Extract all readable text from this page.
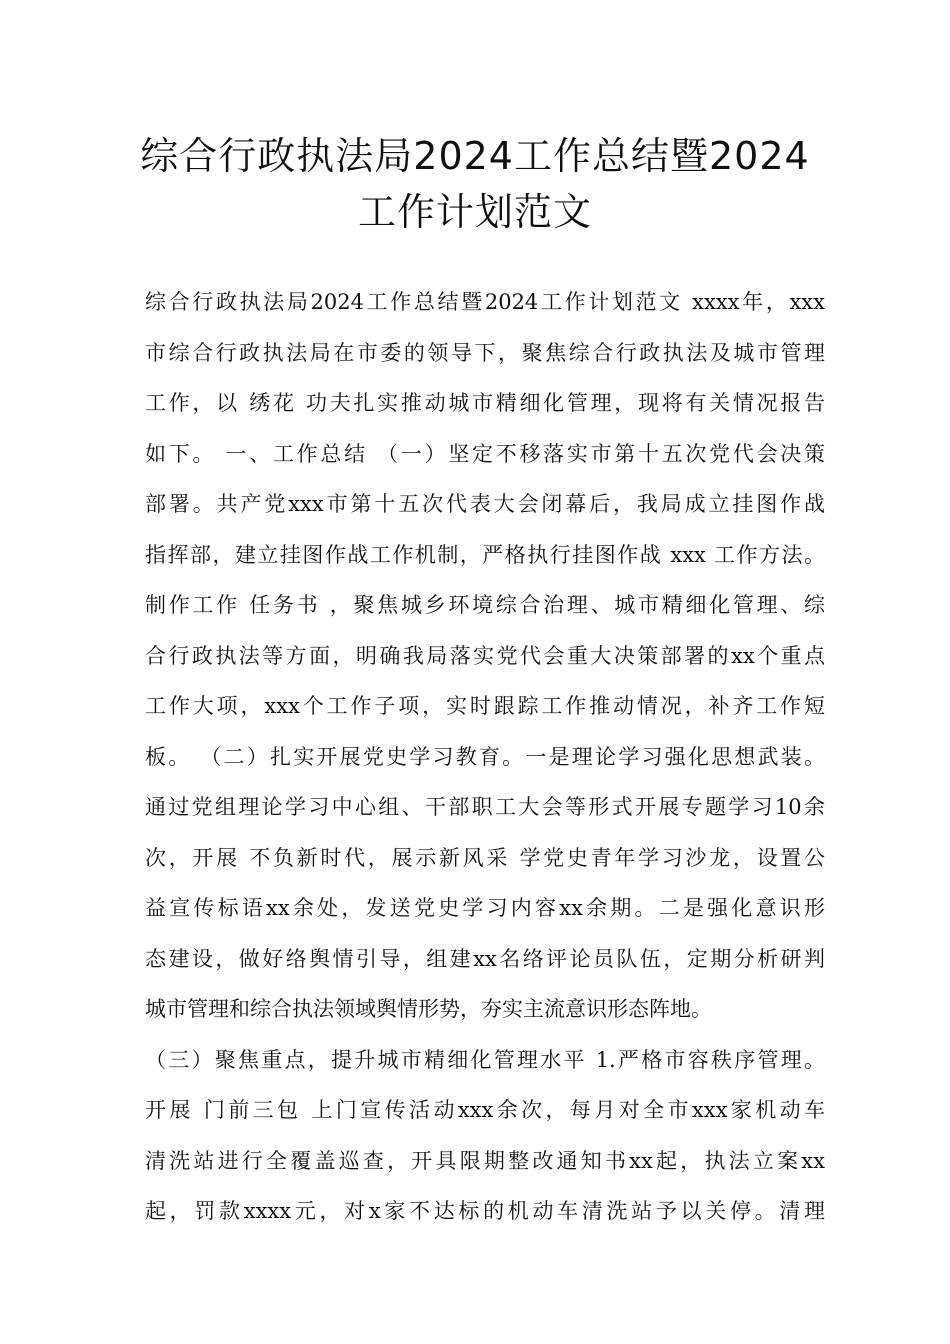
综合行政执法局2024工作总结暨2024
工作计划范文
综合行政执法局2024工作总结暨2024工作计划范文 xxxx年，xxx
市综合行政执法局在市委的领导下，聚焦综合行政执法及城市管理
工作，以 绣花 功夫扎实推动城市精细化管理，现将有关情况报告
如下。 一、工作总结 （一）坚定不移落实市第十五次党代会决策
部署。共产党xxx市第十五次代表大会闭幕后，我局成立挂图作战
指挥部，建立挂图作战工作机制，严格执行挂图作战 xxx 工作方法。
制作工作 任务书 ，聚焦城乡环境综合治理、城市精细化管理、综
合行政执法等方面，明确我局落实党代会重大决策部署的xx个重点
工作大项，xxx个工作子项，实时跟踪工作推动情况，补齐工作短
板。 （二）扎实开展党史学习教育。一是理论学习强化思想武装。
通过党组理论学习中心组、干部职工大会等形式开展专题学习10余
次，开展 不负新时代，展示新风采 学党史青年学习沙龙，设置公
益宣传标语xx余处，发送党史学习内容xx余期。二是强化意识形
态建设，做好络舆情引导，组建xx名络评论员队伍，定期分析研判
城市管理和综合执法领域舆情形势，夯实主流意识形态阵地。
（三）聚焦重点，提升城市精细化管理水平 1.严格市容秩序管理。
开展 门前三包 上门宣传活动xxx余次，每月对全市xxx家机动车
清洗站进行全覆盖巡查，开具限期整改通知书xx起，执法立案xx
起，罚款xxxx元，对x家不达标的机动车清洗站予以关停。清理
